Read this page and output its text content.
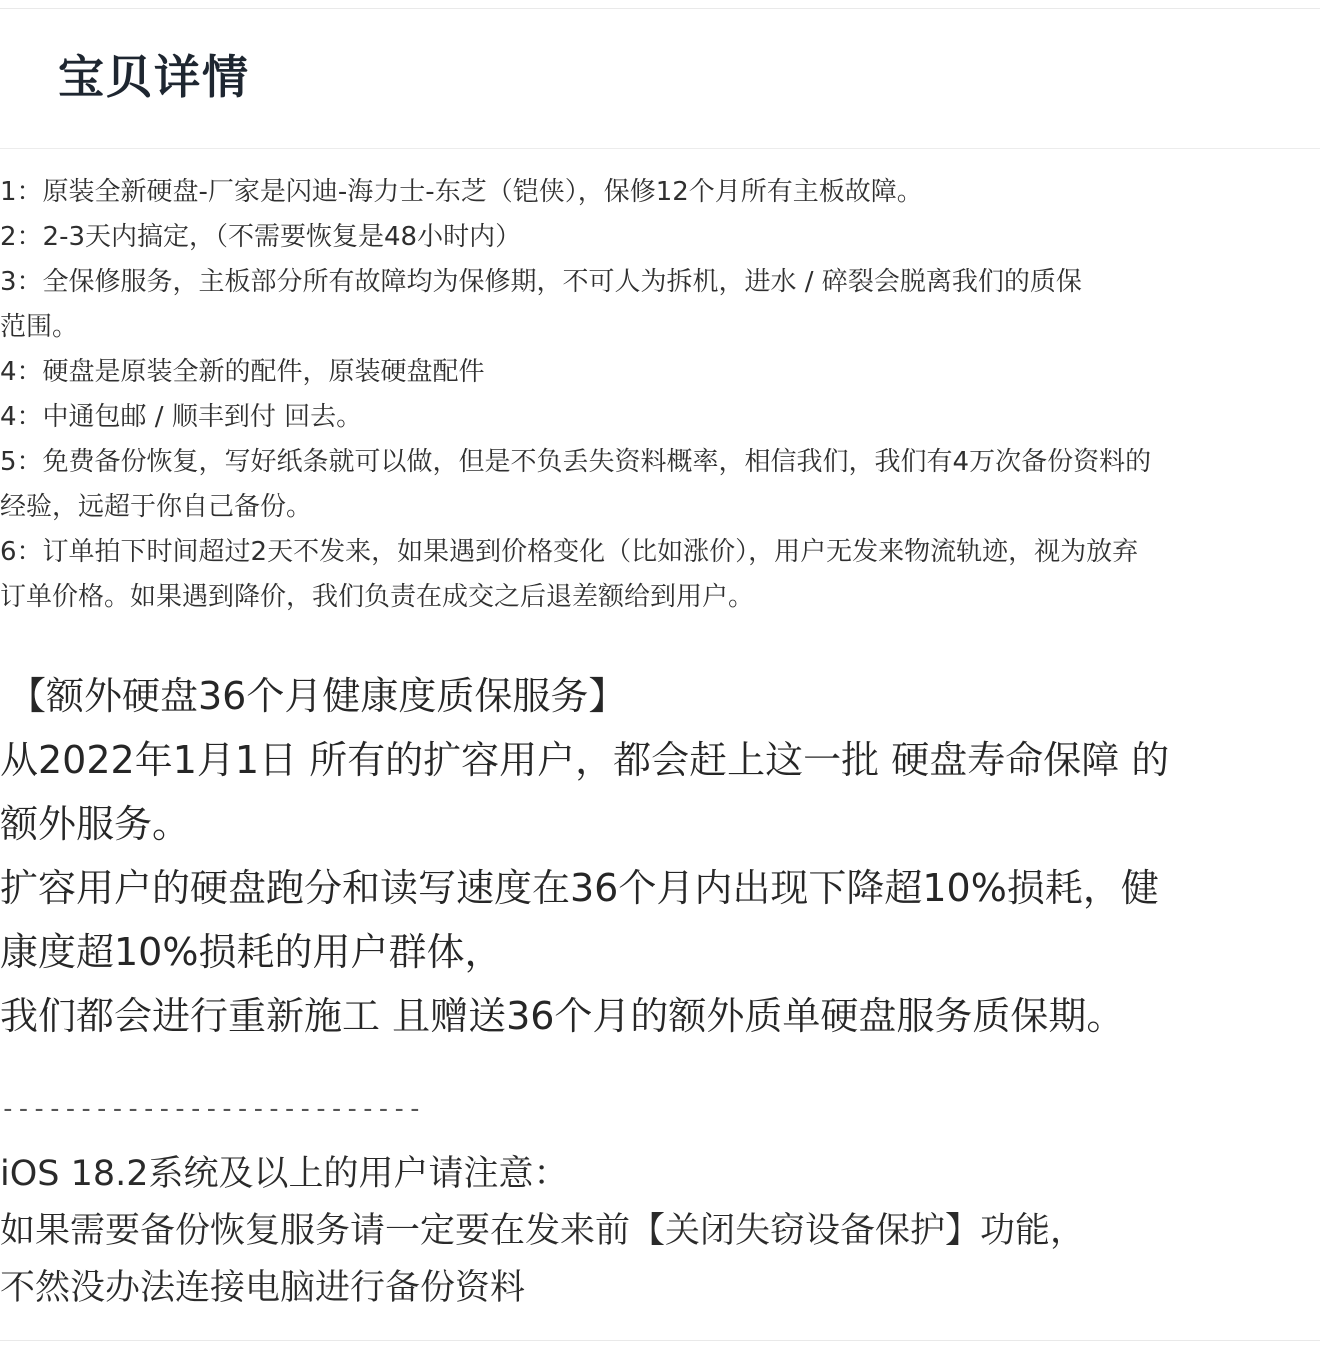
宝贝详情
1：原装全新硬盘-厂家是闪迪-海力士-东芝（铠侠），保修12个月所有主板故障。
2：2-3天内搞定，（不需要恢复是48小时内）
3：全保修服务，主板部分所有故障均为保修期，不可人为拆机，进水 / 碎裂会脱离我们的质保
范围。
4：硬盘是原装全新的配件，原装硬盘配件
4：中通包邮 / 顺丰到付 回去。
5：免费备份恢复，写好纸条就可以做，但是不负丢失资料概率，相信我们，我们有4万次备份资料的
经验，远超于你自己备份。
6：订单拍下时间超过2天不发来，如果遇到价格变化（比如涨价），用户无发来物流轨迹，视为放弃
订单价格。如果遇到降价，我们负责在成交之后退差额给到用户。

【额外硬盘36个月健康度质保服务】

从2022年1月1日 所有的扩容用户，都会赶上这一批 硬盘寿命保障 的

额外服务。

扩容用户的硬盘跑分和读写速度在36个月内出现下降超10%损耗，健

康度超10%损耗的用户群体，

我们都会进行重新施工 且赠送36个月的额外质单硬盘服务质保期。

---------------------------

iOS 18.2系统及以上的用户请注意：

如果需要备份恢复服务请一定要在发来前【关闭失窃设备保护】功能，

不然没办法连接电脑进行备份资料
